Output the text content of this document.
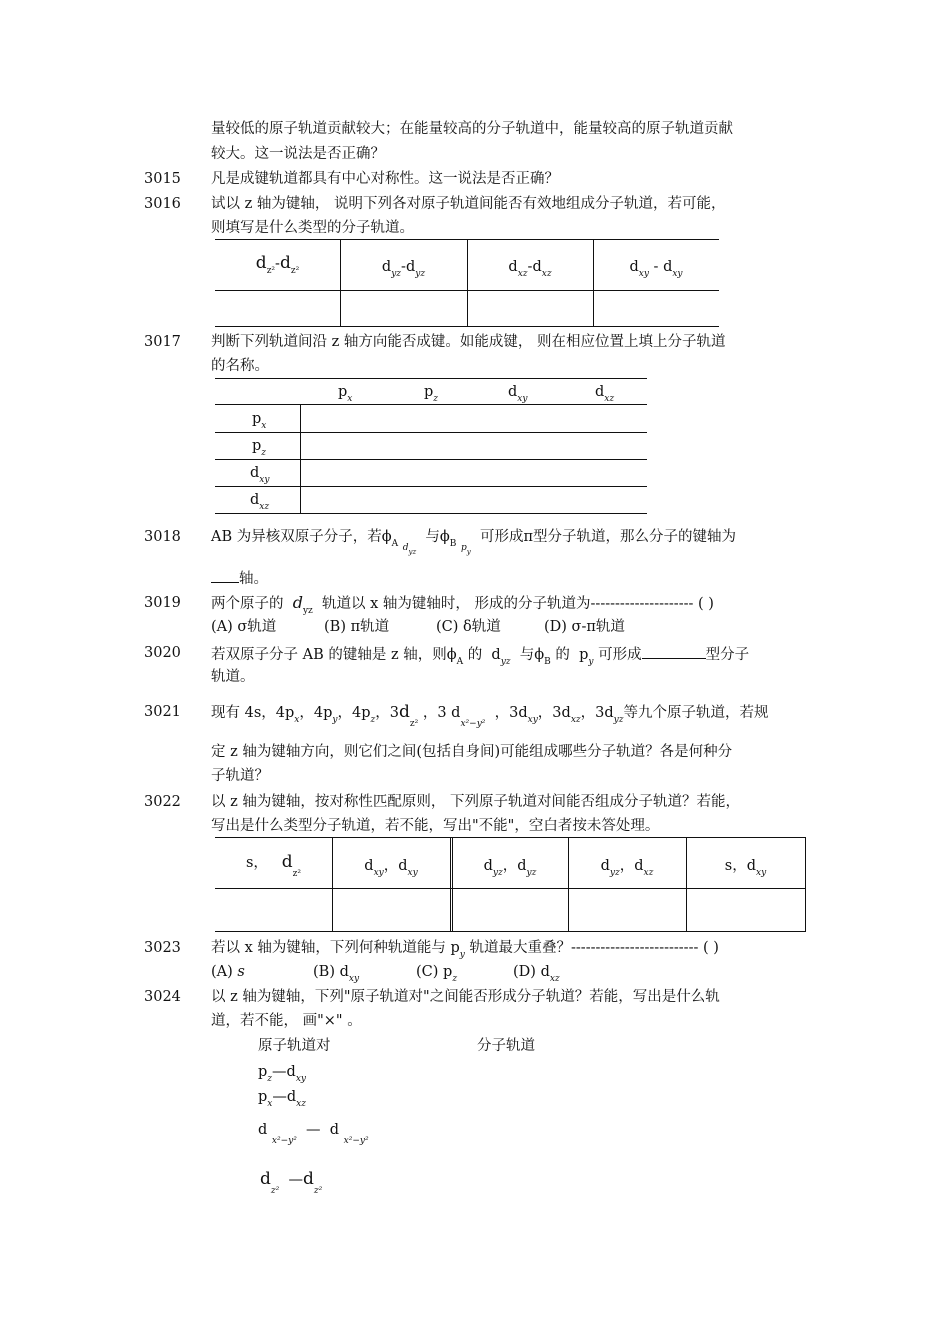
量较低的原子轨道贡献较大；在能量较高的分子轨道中，能量较高的原子轨道贡献
较大。这一说法是否正确？
3015 凡是成键轨道都具有中心对称性。这一说法是否正确？
3016 试以 z 轴为键轴， 说明下列各对原子轨道间能否有效地组成分子轨道，若可能，
则填写是什么类型的分子轨道。
$d_{z^2}-d_{z^2}$	$d_{yz}-d_{yz}$	$d_{xz}-d_{xz}$	$d_{xy} - d_{xy}$
3017 判断下列轨道间沿 z 轴方向能否成键。如能成键， 则在相应位置上填上分子轨道
的名称。
$p_x$	$p_z$	$d_{xy}$	$d_{xz}$
$p_x$
$p_z$
$d_{xy}$
$d_{xz}$
3018 AB 为异核双原子分子，若$\phi_A$ $_{dyz}$  与$\phi_B$ $_{py}$  可形成π型分子轨道，那么分子的键轴为
轴。
3019 两个原子的 $d_{yz}$ 轨道以 x 轴为键轴时， 形成的分子轨道为--------------------- ( )
(A) σ轨道	(B) π轨道	(C) δ轨道	(D) σ-π轨道
3020 若双原子分子 AB 的键轴是 z 轴，则$\phi_A$ 的 $d_{yz}$ 与$\phi_B$ 的 $p_y$ 可形成	型分子
轨道。
3021 现有 4s，$4p_x$，$4p_y$，$4p_z$，$3d_{z^2}$ ，3 $d_{x^2-y^2}$  ，$3d_{xy}$，$3d_{xz}$，$3d_{yz}$等九个原子轨道，若规
定 z 轴为键轴方向，则它们之间(包括自身间)可能组成哪些分子轨道？各是何种分
子轨道？
3022 以 z 轴为键轴，按对称性匹配原则， 下列原子轨道对间能否组成分子轨道？若能，
写出是什么类型分子轨道，若不能，写出"不能"，空白者按未答处理。
s， $d_{z^2}$	$d_{xy}$，$d_{xy}$	$d_{yz}$，$d_{yz}$	$d_{yz}$，$d_{xz}$	s，$d_{xy}$
3023 若以 x 轴为键轴，下列何种轨道能与 $p_y$ 轨道最大重叠？-------------------------- ( )
(A) s	(B) $d_{xy}$	(C) $p_z$	(D) $d_{xz}$
3024 以 z 轴为键轴，下列"原子轨道对"之间能否形成分子轨道？若能，写出是什么轨
道，若不能， 画"×" 。
原子轨道对	分子轨道
$p_z—d_{xy}$
$p_x—d_{xz}$
d $_{x^2-y^2}$  — d $_{x^2-y^2}$
$d_{z^2}$  $—d_{z^2}$
